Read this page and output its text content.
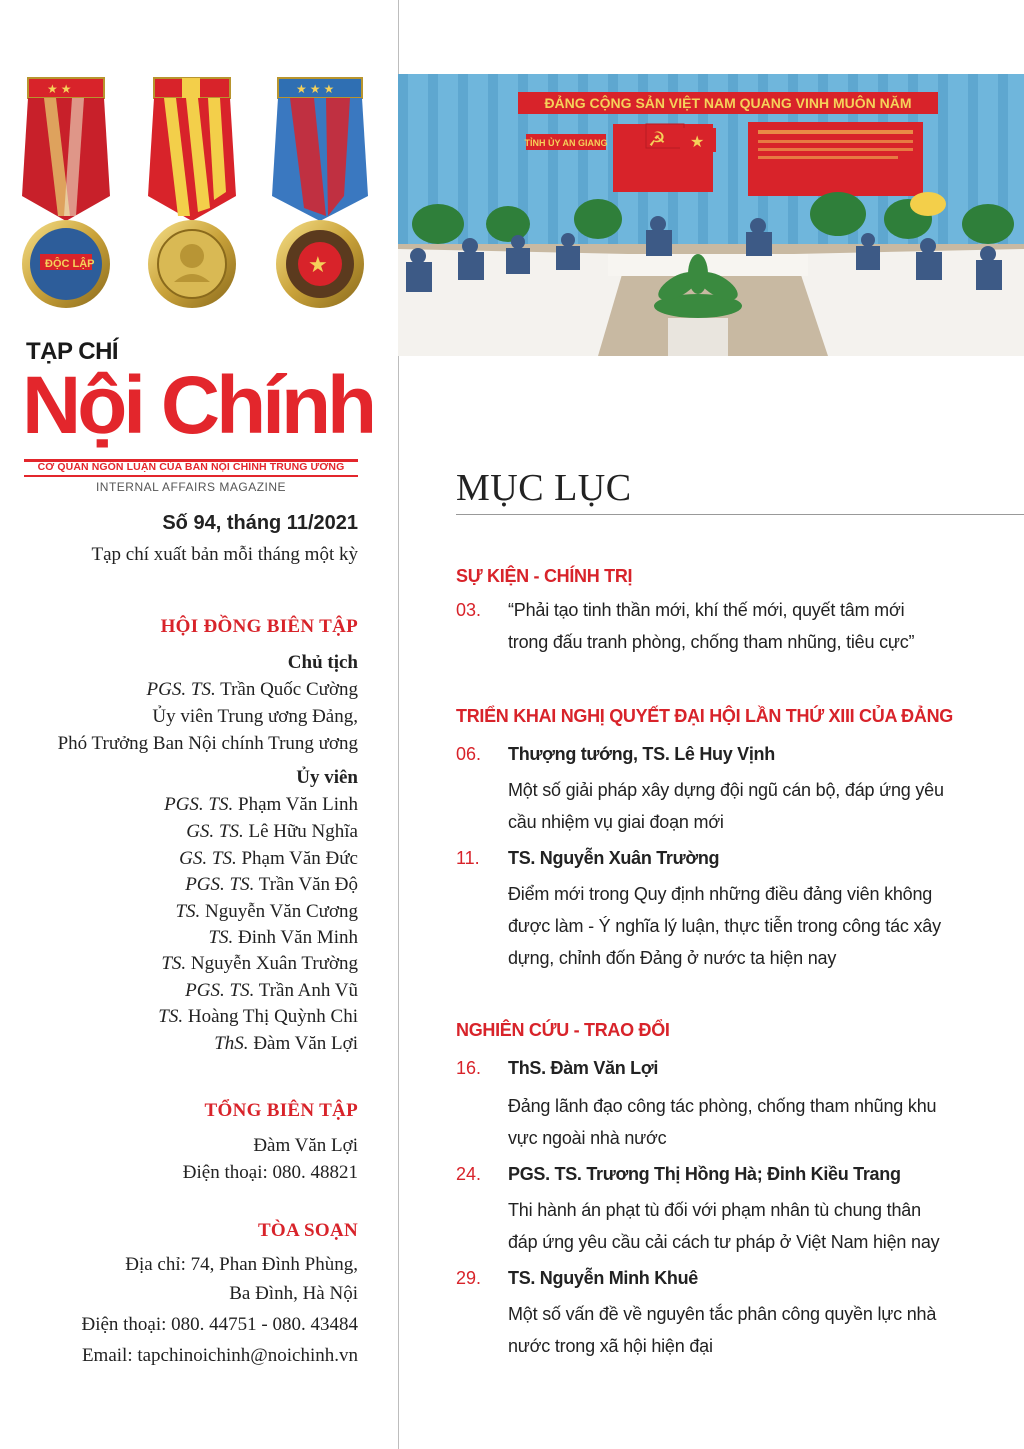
★ ★
ĐỘC LẬP
★ ★ ★
★
TẠP CHÍ
Nội Chính
CƠ QUAN NGÔN LUẬN CỦA BAN NỘI CHÍNH TRUNG ƯƠNG
INTERNAL AFFAIRS MAGAZINE
Số 94, tháng 11/2021
Tạp chí xuất bản mỗi tháng một kỳ
HỘI ĐỒNG BIÊN TẬP
Chủ tịch
PGS. TS. Trần Quốc Cường
Ủy viên Trung ương Đảng,
Phó Trưởng Ban Nội chính Trung ương
Ủy viên
PGS. TS. Phạm Văn Linh
GS. TS. Lê Hữu Nghĩa
GS. TS. Phạm Văn Đức
PGS. TS. Trần Văn Độ
TS. Nguyễn Văn Cương
TS. Đinh Văn Minh
TS. Nguyễn Xuân Trường
PGS. TS. Trần Anh Vũ
TS. Hoàng Thị Quỳnh Chi
ThS. Đàm Văn Lợi
TỔNG BIÊN TẬP
Đàm Văn Lợi
Điện thoại: 080. 48821
TÒA SOẠN
Địa chỉ: 74, Phan Đình Phùng,
Ba Đình, Hà Nội
Điện thoại: 080. 44751 - 080. 43484
Email: tapchinoichinh@noichinh.vn
ĐẢNG CỘNG SẢN VIỆT NAM QUANG VINH MUÔN NĂM
☭ ★
TỈNH ỦY AN GIANG
MỤC LỤC
SỰ KIỆN - CHÍNH TRỊ
03. “Phải tạo tinh thần mới, khí thế mới, quyết tâm mới
trong đấu tranh phòng, chống tham nhũng, tiêu cực”
TRIỂN KHAI NGHỊ QUYẾT ĐẠI HỘI LẦN THỨ XIII CỦA ĐẢNG
06. Thượng tướng, TS. Lê Huy Vịnh
Một số giải pháp xây dựng đội ngũ cán bộ, đáp ứng yêu
cầu nhiệm vụ giai đoạn mới
11. TS. Nguyễn Xuân Trường
Điểm mới trong Quy định những điều đảng viên không
được làm - Ý nghĩa lý luận, thực tiễn trong công tác xây
dựng, chỉnh đốn Đảng ở nước ta hiện nay
NGHIÊN CỨU - TRAO ĐỔI
16. ThS. Đàm Văn Lợi
Đảng lãnh đạo công tác phòng, chống tham nhũng khu
vực ngoài nhà nước
24. PGS. TS. Trương Thị Hồng Hà; Đinh Kiều Trang
Thi hành án phạt tù đối với phạm nhân tù chung thân
đáp ứng yêu cầu cải cách tư pháp ở Việt Nam hiện nay
29. TS. Nguyễn Minh Khuê
Một số vấn đề về nguyên tắc phân công quyền lực nhà
nước trong xã hội hiện đại
